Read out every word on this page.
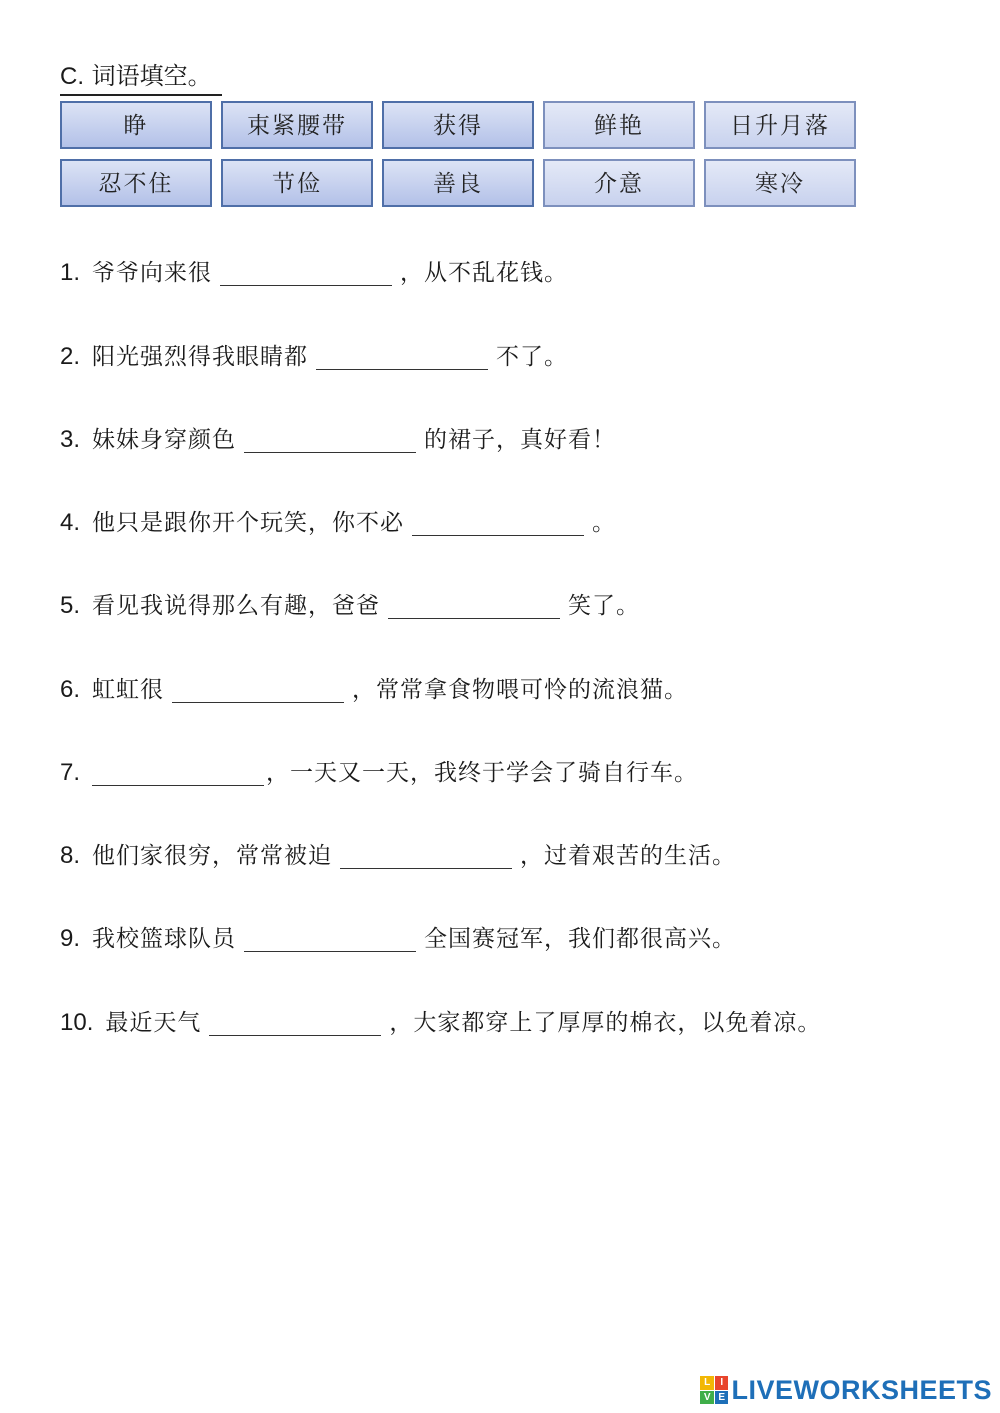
C. 词语填空。
睁	束紧腰带	获得	鲜艳	日升月落
忍不住	节俭	善良	介意	寒冷
1. 爷爷向来很	，从不乱花钱。
2. 阳光强烈得我眼睛都	不了。
3. 妹妹身穿颜色	的裙子，真好看！
4. 他只是跟你开个玩笑，你不必	。
5. 看见我说得那么有趣，爸爸	笑了。
6. 虹虹很	，常常拿食物喂可怜的流浪猫。
7.	，一天又一天，我终于学会了骑自行车。
8. 他们家很穷，常常被迫	，过着艰苦的生活。
9. 我校篮球队员	全国赛冠军，我们都很高兴。
10. 最近天气	，大家都穿上了厚厚的棉衣，以免着凉。
L	I
V E LIVEWORKSHEETS
